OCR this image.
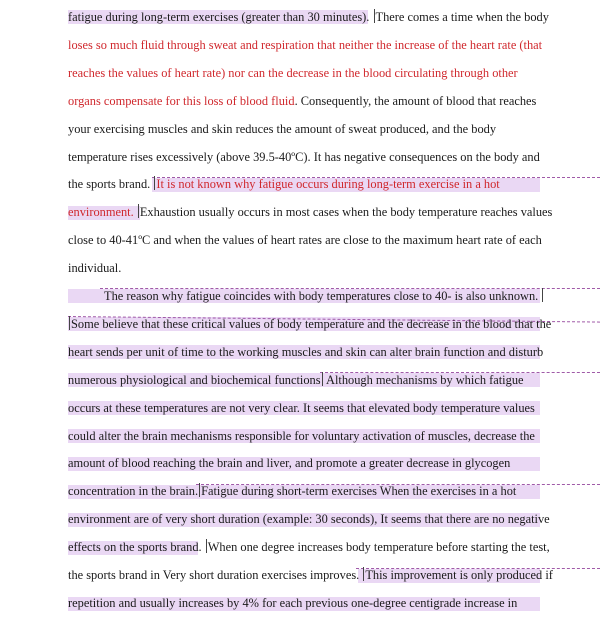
fatigue during long-term exercises (greater than 30 minutes). There comes a time when the body
loses so much fluid through sweat and respiration that neither the increase of the heart rate (that
reaches the values of heart rate) nor can the decrease in the blood circulating through other
organs compensate for this loss of blood fluid. Consequently, the amount of blood that reaches
your exercising muscles and skin reduces the amount of sweat produced, and the body
temperature rises excessively (above 39.5-40ºC). It has negative consequences on the body and
the sports brand. It is not known why fatigue occurs during long-term exercise in a hot
environment. Exhaustion usually occurs in most cases when the body temperature reaches values
close to 40-41ºC and when the values of heart rates are close to the maximum heart rate of each
individual.
The reason why fatigue coincides with body temperatures close to 40- is also unknown.
Some believe that these critical values of body temperature and the decrease in the blood that the
heart sends per unit of time to the working muscles and skin can alter brain function and disturb
numerous physiological and biochemical functions Although mechanisms by which fatigue
occurs at these temperatures are not very clear. It seems that elevated body temperature values
could alter the brain mechanisms responsible for voluntary activation of muscles, decrease the
amount of blood reaching the brain and liver, and promote a greater decrease in glycogen
concentration in the brain. Fatigue during short-term exercises When the exercises in a hot
environment are of very short duration (example: 30 seconds), It seems that there are no negative
effects on the sports brand. When one degree increases body temperature before starting the test,
the sports brand in Very short duration exercises improves. This improvement is only produced if
repetition and usually increases by 4% for each previous one-degree centigrade increase in
